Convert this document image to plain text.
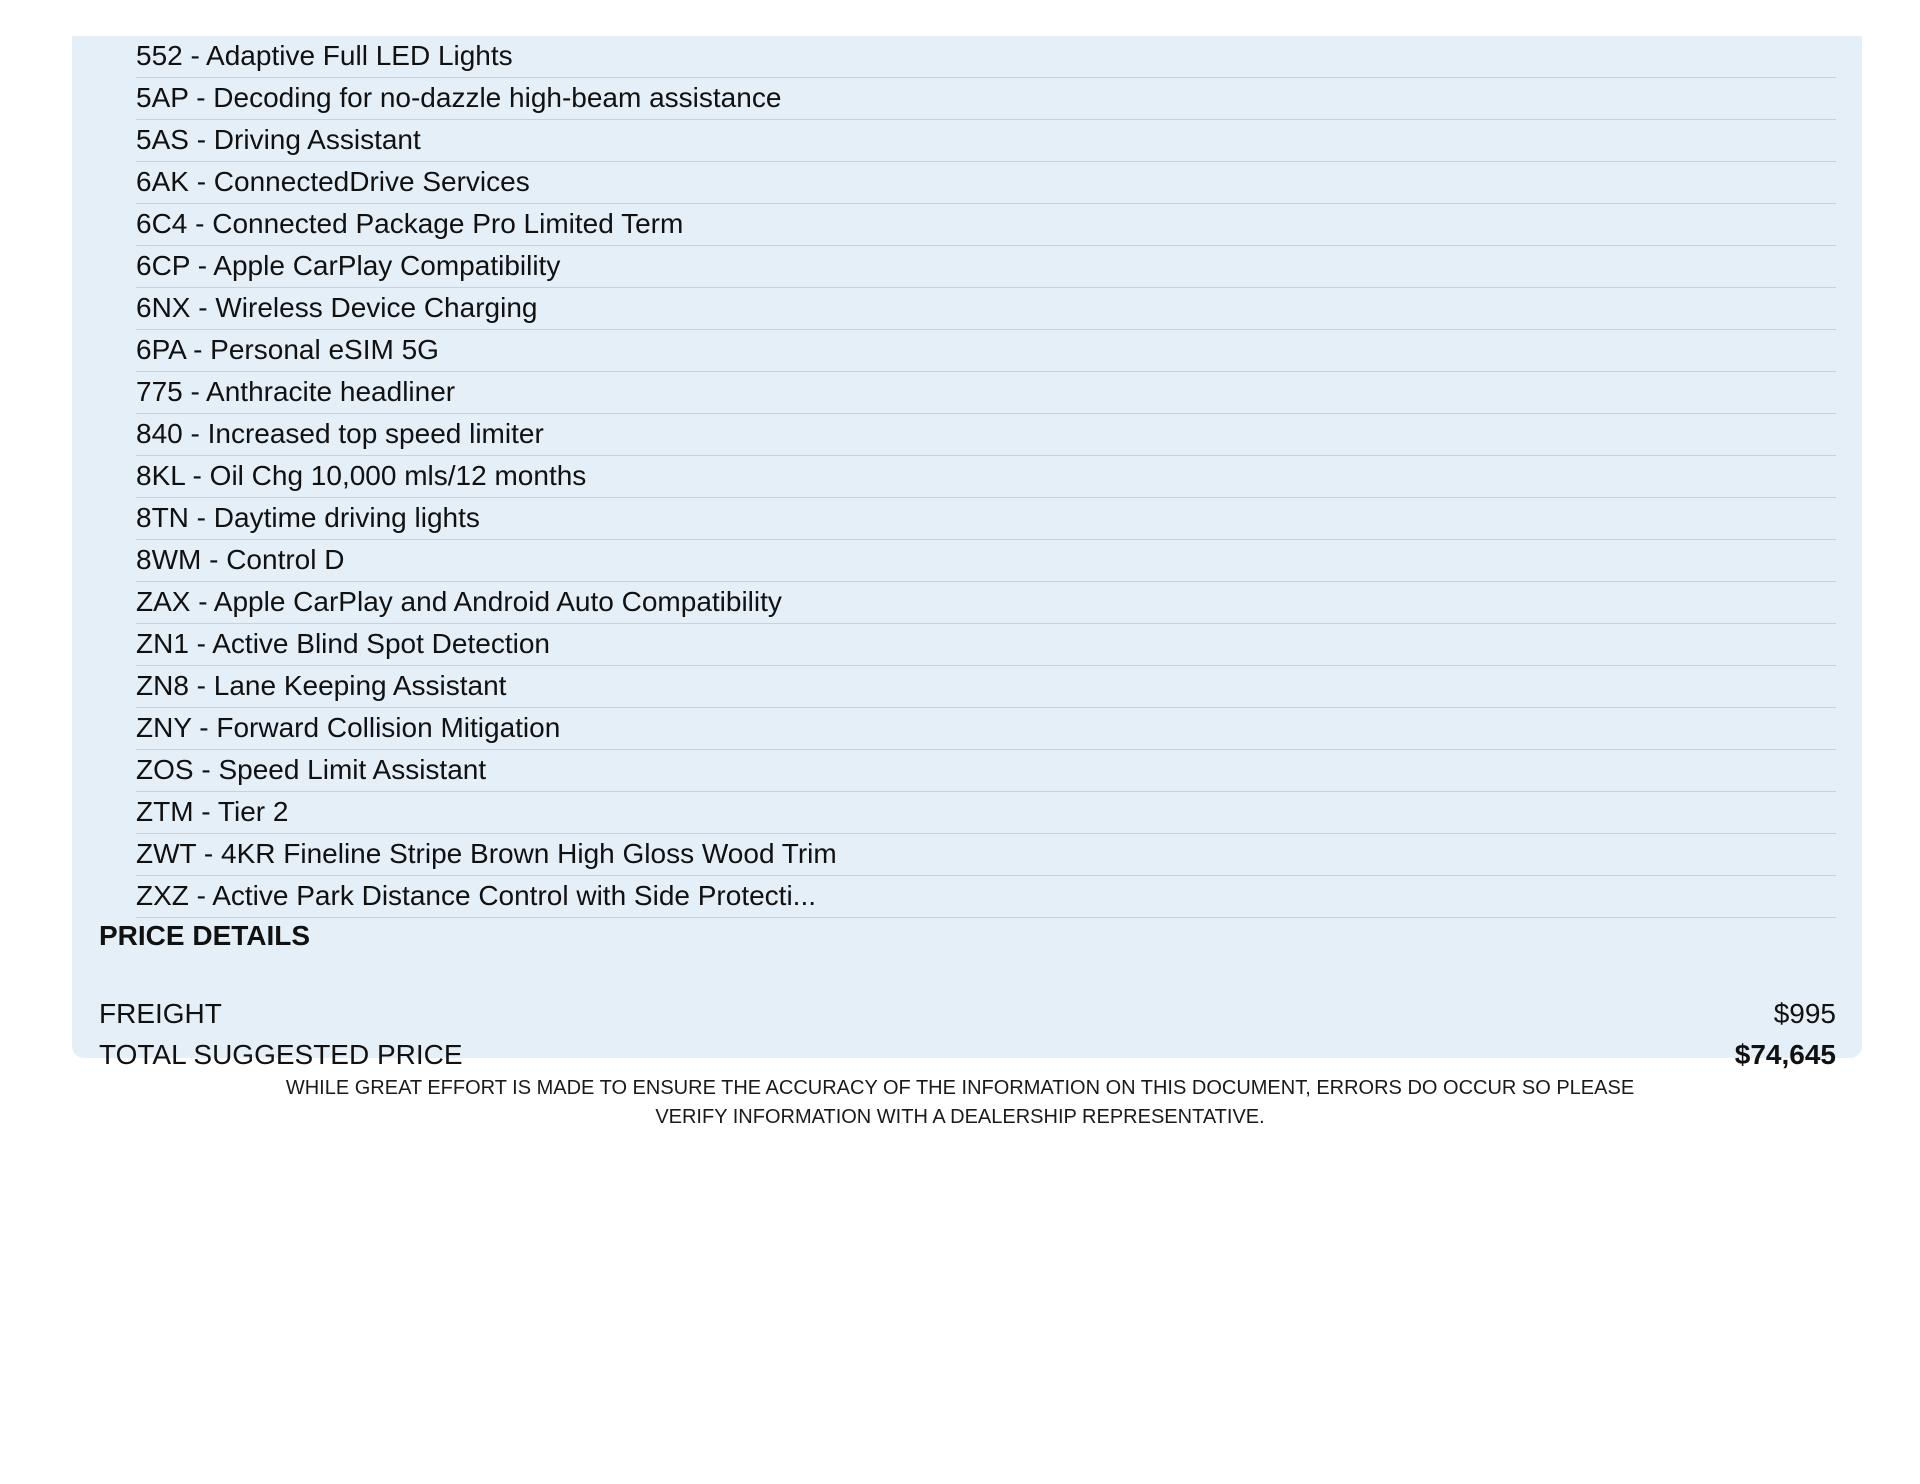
552 - Adaptive Full LED Lights
5AP - Decoding for no-dazzle high-beam assistance
5AS - Driving Assistant
6AK - ConnectedDrive Services
6C4 - Connected Package Pro Limited Term
6CP - Apple CarPlay Compatibility
6NX - Wireless Device Charging
6PA - Personal eSIM 5G
775 - Anthracite headliner
840 - Increased top speed limiter
8KL - Oil Chg 10,000 mls/12 months
8TN - Daytime driving lights
8WM - Control D
ZAX - Apple CarPlay and Android Auto Compatibility
ZN1 - Active Blind Spot Detection
ZN8 - Lane Keeping Assistant
ZNY - Forward Collision Mitigation
ZOS - Speed Limit Assistant
ZTM - Tier 2
ZWT - 4KR Fineline Stripe Brown High Gloss Wood Trim
ZXZ - Active Park Distance Control with Side Protecti...
PRICE DETAILS
FREIGHT	$995
TOTAL SUGGESTED PRICE	$74,645
WHILE GREAT EFFORT IS MADE TO ENSURE THE ACCURACY OF THE INFORMATION ON THIS DOCUMENT, ERRORS DO OCCUR SO PLEASE
VERIFY INFORMATION WITH A DEALERSHIP REPRESENTATIVE.
